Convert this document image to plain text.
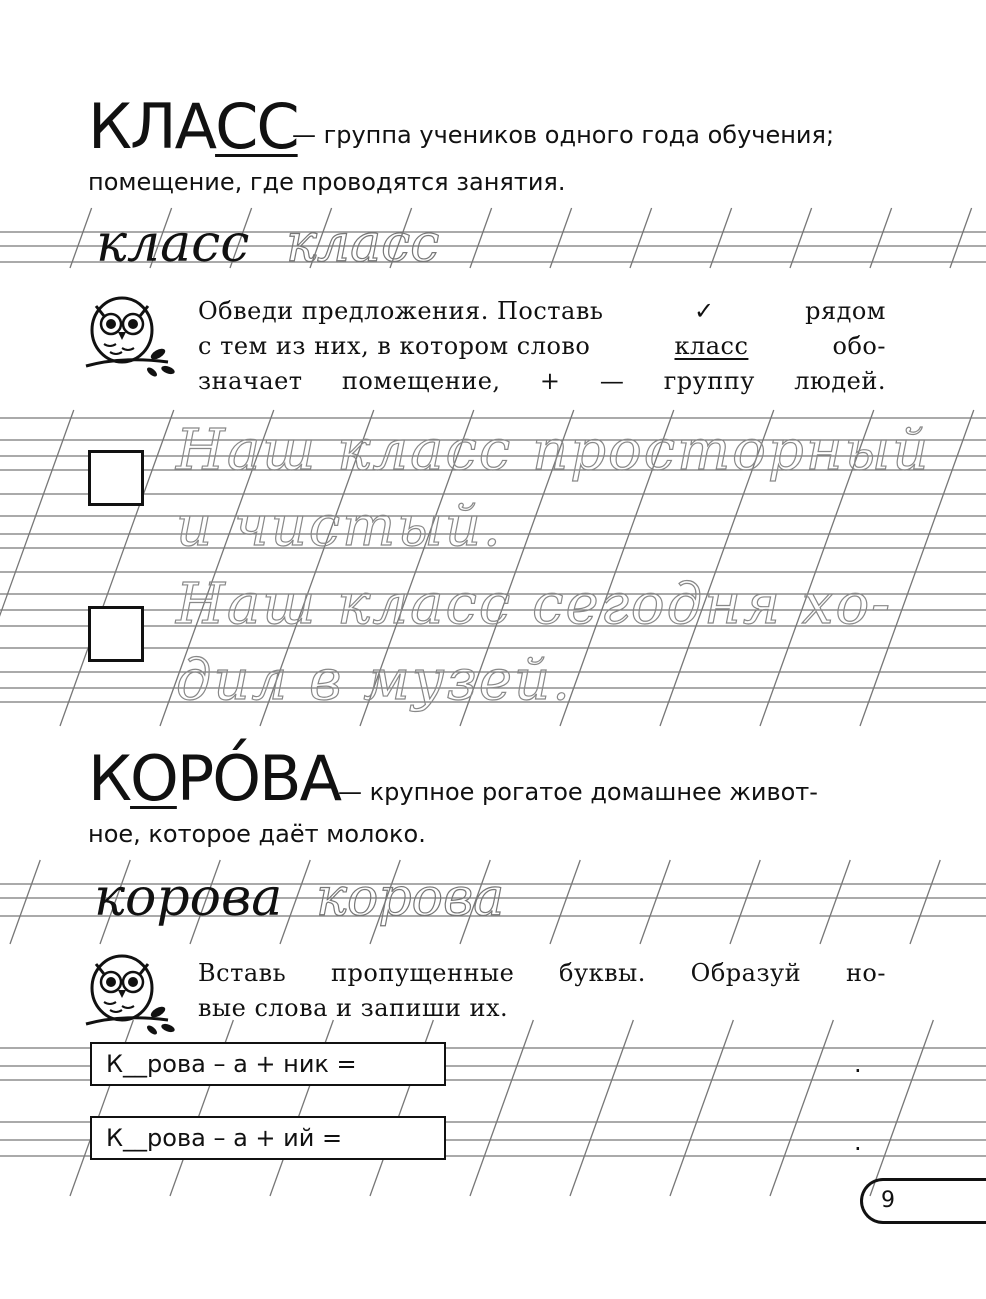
КЛАСС
— группа учеников одного года обучения;
помещение, где проводятся занятия.
класс класс
Обведи предложения. Поставь	✓	рядом
с тем из них, в котором слово	класс	обо-
значает помещение, + — группу людей.
Наш класс просторный
и чистый.
Наш класс сегодня хо-
дил в музей.
КОРО́ВА
— крупное рогатое домашнее живот-
ное, которое даёт молоко.
корова корова
Вставь пропущенные буквы. Образуй но-
вые слова и запиши их.
К__рова – а + ник =	.
К__рова – а + ий =	.
9
